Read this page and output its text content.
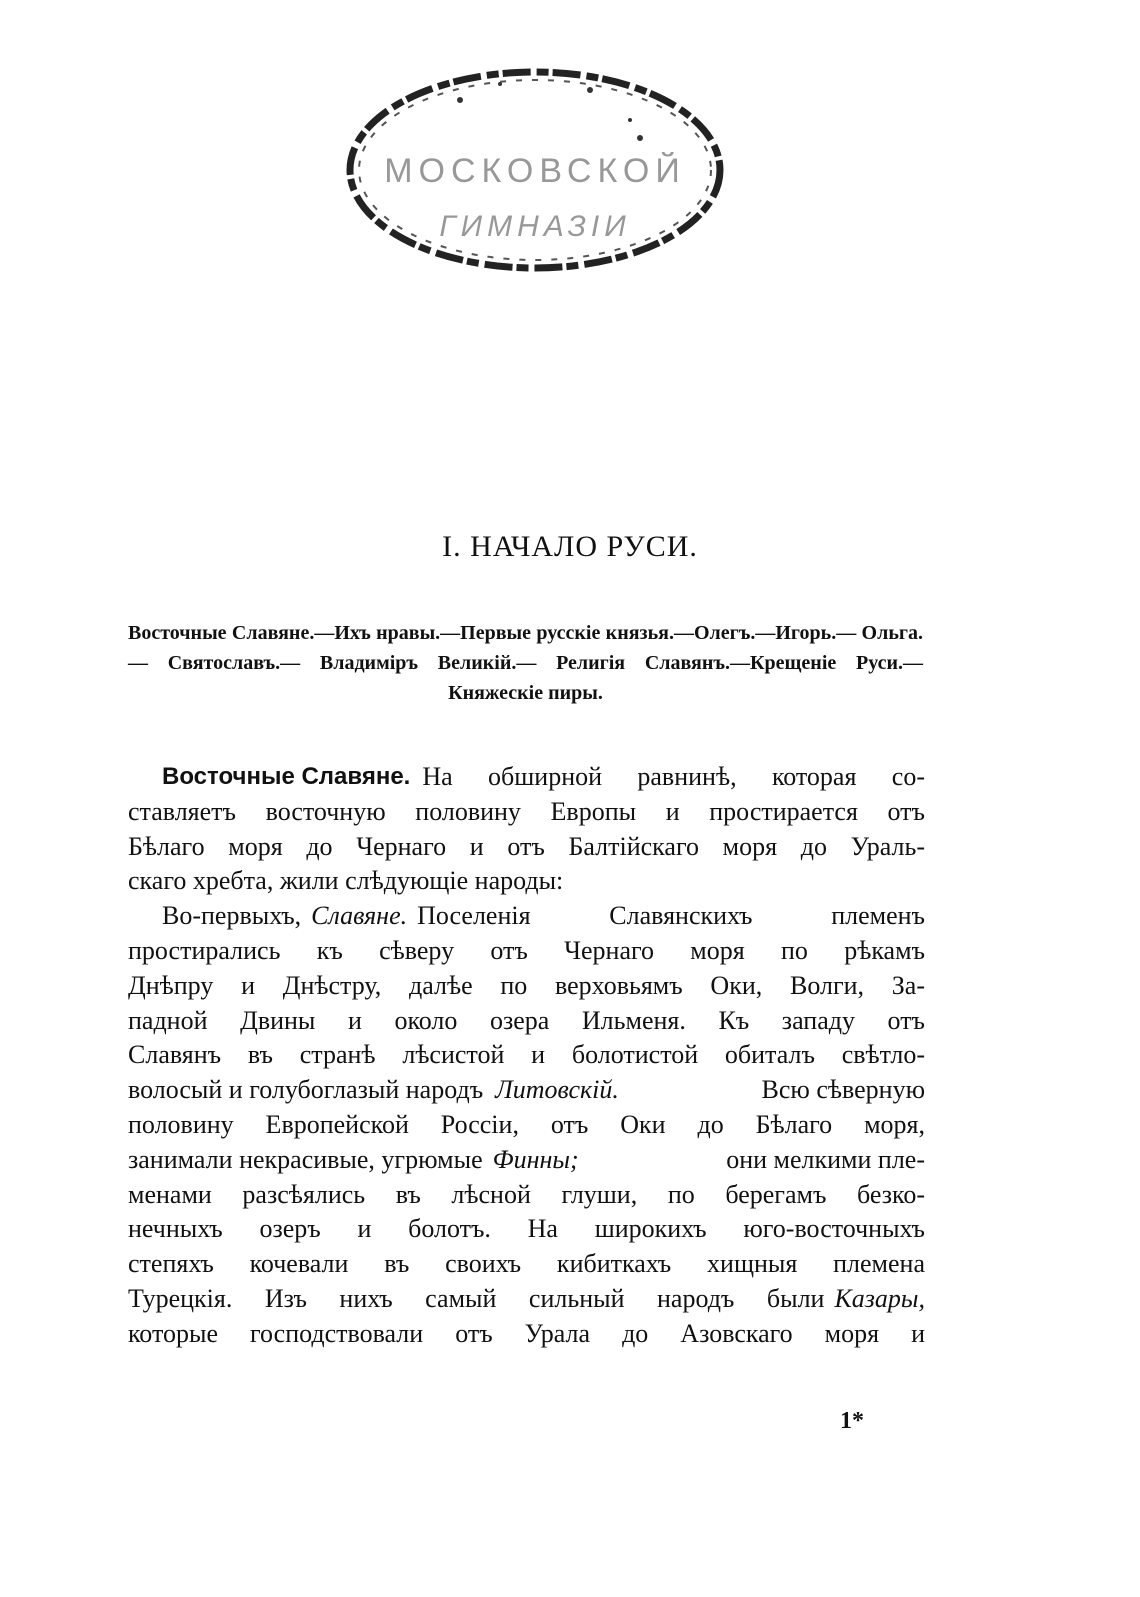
МОСКОВСКОЙ
ГИМНАЗІИ
I. НАЧАЛО РУСИ.
Восточные Славяне.—Ихъ нравы.—Первые русскіе князья.—Олегъ.—Игорь.— Ольга.— Святославъ.— Владиміръ Великій.— Религія Славянъ.—Крещеніе Руси.—Княжескіе пиры.
Восточные Славяне. На обширной равнинѣ, которая со-
ставляетъ восточную половину Европы и простирается отъ
Бѣлаго моря до Чернаго и отъ Балтійскаго моря до Ураль-
скаго хребта, жили слѣдующіе народы:
Во-первыхъ, Славяне. Поселенія Славянскихъ племенъ
простирались къ сѣверу отъ Чернаго моря по рѣкамъ
Днѣпру и Днѣстру, далѣе по верховьямъ Оки, Волги, За-
падной Двины и около озера Ильменя. Къ западу отъ
Славянъ въ странѣ лѣсистой и болотистой обиталъ свѣтло-
волосый и голубоглазый народъ Литовскій.	Всю сѣверную
половину Европейской Россіи, отъ Оки до Бѣлаго моря,
занимали некрасивые, угрюмые Финны;	они мелкими пле-
менами разсѣялись въ лѣсной глуши, по берегамъ безко-
нечныхъ озеръ и болотъ. На широкихъ юго-восточныхъ
степяхъ кочевали въ своихъ кибиткахъ хищныя племена
Турецкія. Изъ нихъ самый сильный народъ были Казары,
которые господствовали отъ Урала до Азовскаго моря и
1*
